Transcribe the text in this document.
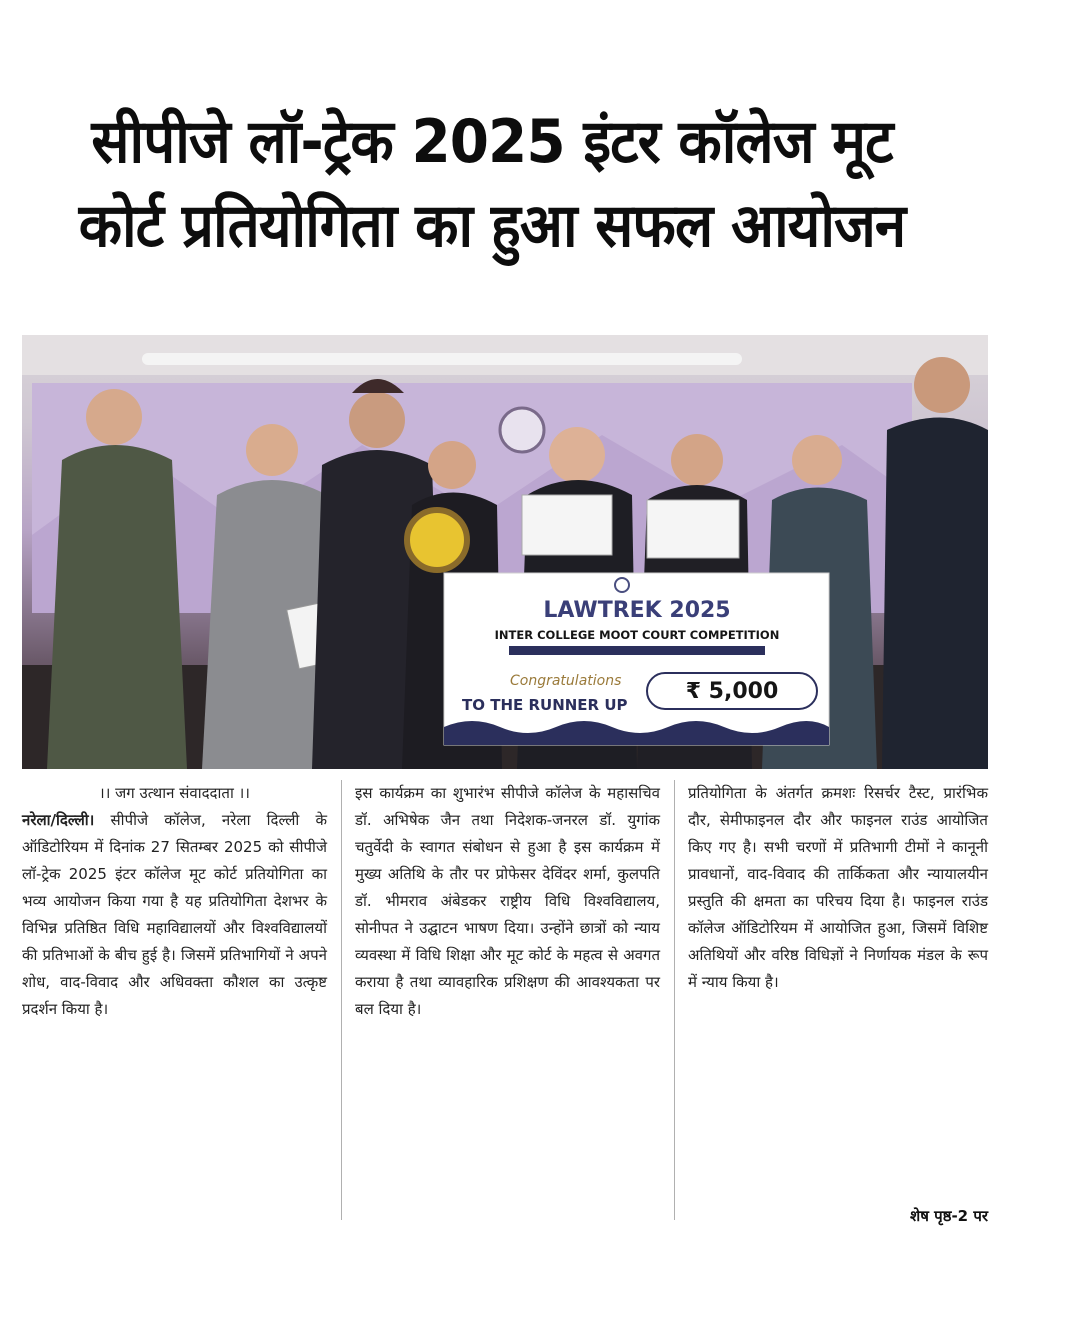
सीपीजे लॉ-ट्रेक 2025 इंटर कॉलेज मूट
कोर्ट प्रतियोगिता का हुआ सफल आयोजन
LAWTREK 2025
INTER COLLEGE MOOT COURT COMPETITION
Congratulations
TO THE RUNNER UP
₹ 5,000
।। जग उत्थान संवाददाता ।।
नरेला/दिल्ली। सीपीजे कॉलेज, नरेला दिल्ली के ऑडिटोरियम में दिनांक 27 सितम्बर 2025 को सीपीजे लॉ-ट्रेक 2025 इंटर कॉलेज मूट कोर्ट प्रतियोगिता का भव्य आयोजन किया गया है यह प्रतियोगिता देशभर के विभिन्न प्रतिष्ठित विधि महाविद्यालयों और विश्वविद्यालयों की प्रतिभाओं के बीच हुई है। जिसमें प्रतिभागियों ने अपने शोध, वाद-विवाद और अधिवक्ता कौशल का उत्कृष्ट प्रदर्शन किया है।
इस कार्यक्रम का शुभारंभ सीपीजे कॉलेज के महासचिव डॉ. अभिषेक जैन तथा निदेशक-जनरल डॉ. युगांक चतुर्वेदी के स्वागत संबोधन से हुआ है इस कार्यक्रम में मुख्य अतिथि के तौर पर प्रोफेसर देविंदर शर्मा, कुलपति डॉ. भीमराव अंबेडकर राष्ट्रीय विधि विश्वविद्यालय, सोनीपत ने उद्घाटन भाषण दिया। उन्होंने छात्रों को न्याय व्यवस्था में विधि शिक्षा और मूट कोर्ट के महत्व से अवगत कराया है तथा व्यावहारिक प्रशिक्षण की आवश्यकता पर बल दिया है।
प्रतियोगिता के अंतर्गत क्रमशः रिसर्चर टैस्ट, प्रारंभिक दौर, सेमीफाइनल दौर और फाइनल राउंड आयोजित किए गए है। सभी चरणों में प्रतिभागी टीमों ने कानूनी प्रावधानों, वाद-विवाद की तार्किकता और न्यायालयीन प्रस्तुति की क्षमता का परिचय दिया है। फाइनल राउंड कॉलेज ऑडिटोरियम में आयोजित हुआ, जिसमें विशिष्ट अतिथियों और वरिष्ठ विधिज्ञों ने निर्णायक मंडल के रूप में न्याय किया है।
शेष पृष्ठ-2 पर
